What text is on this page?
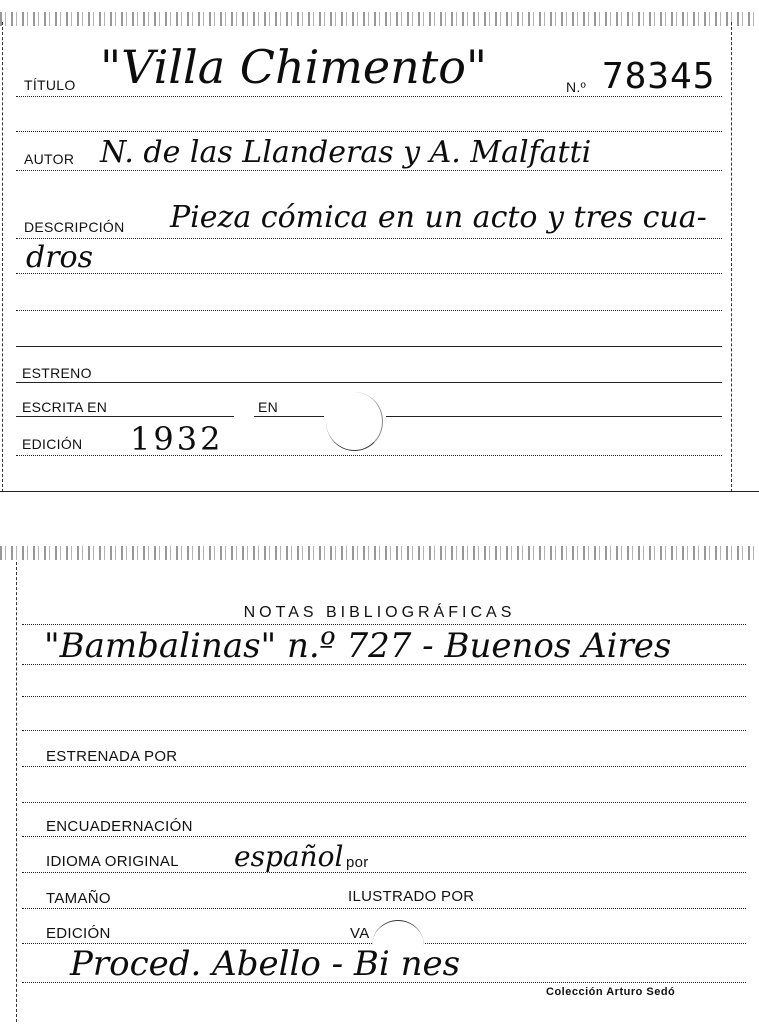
TÍTULO "Villa Chimento"	N.º 78345
AUTOR N. de las Llanderas y A. Malfatti
DESCRIPCIÓN Pieza cómica en un acto y tres cua-
dros
ESTRENO
ESCRITA EN	EN
EDICIÓN 1932
NOTAS BIBLIOGRÁFICAS
"Bambalinas" n.º 727 - Buenos Aires
ESTRENADA POR
ENCUADERNACIÓN
IDIOMA ORIGINAL español por
TAMAÑO	ILUSTRADO POR
EDICIÓN	VA
Proced. Abello - Bi nes
Colección Arturo Sedó
